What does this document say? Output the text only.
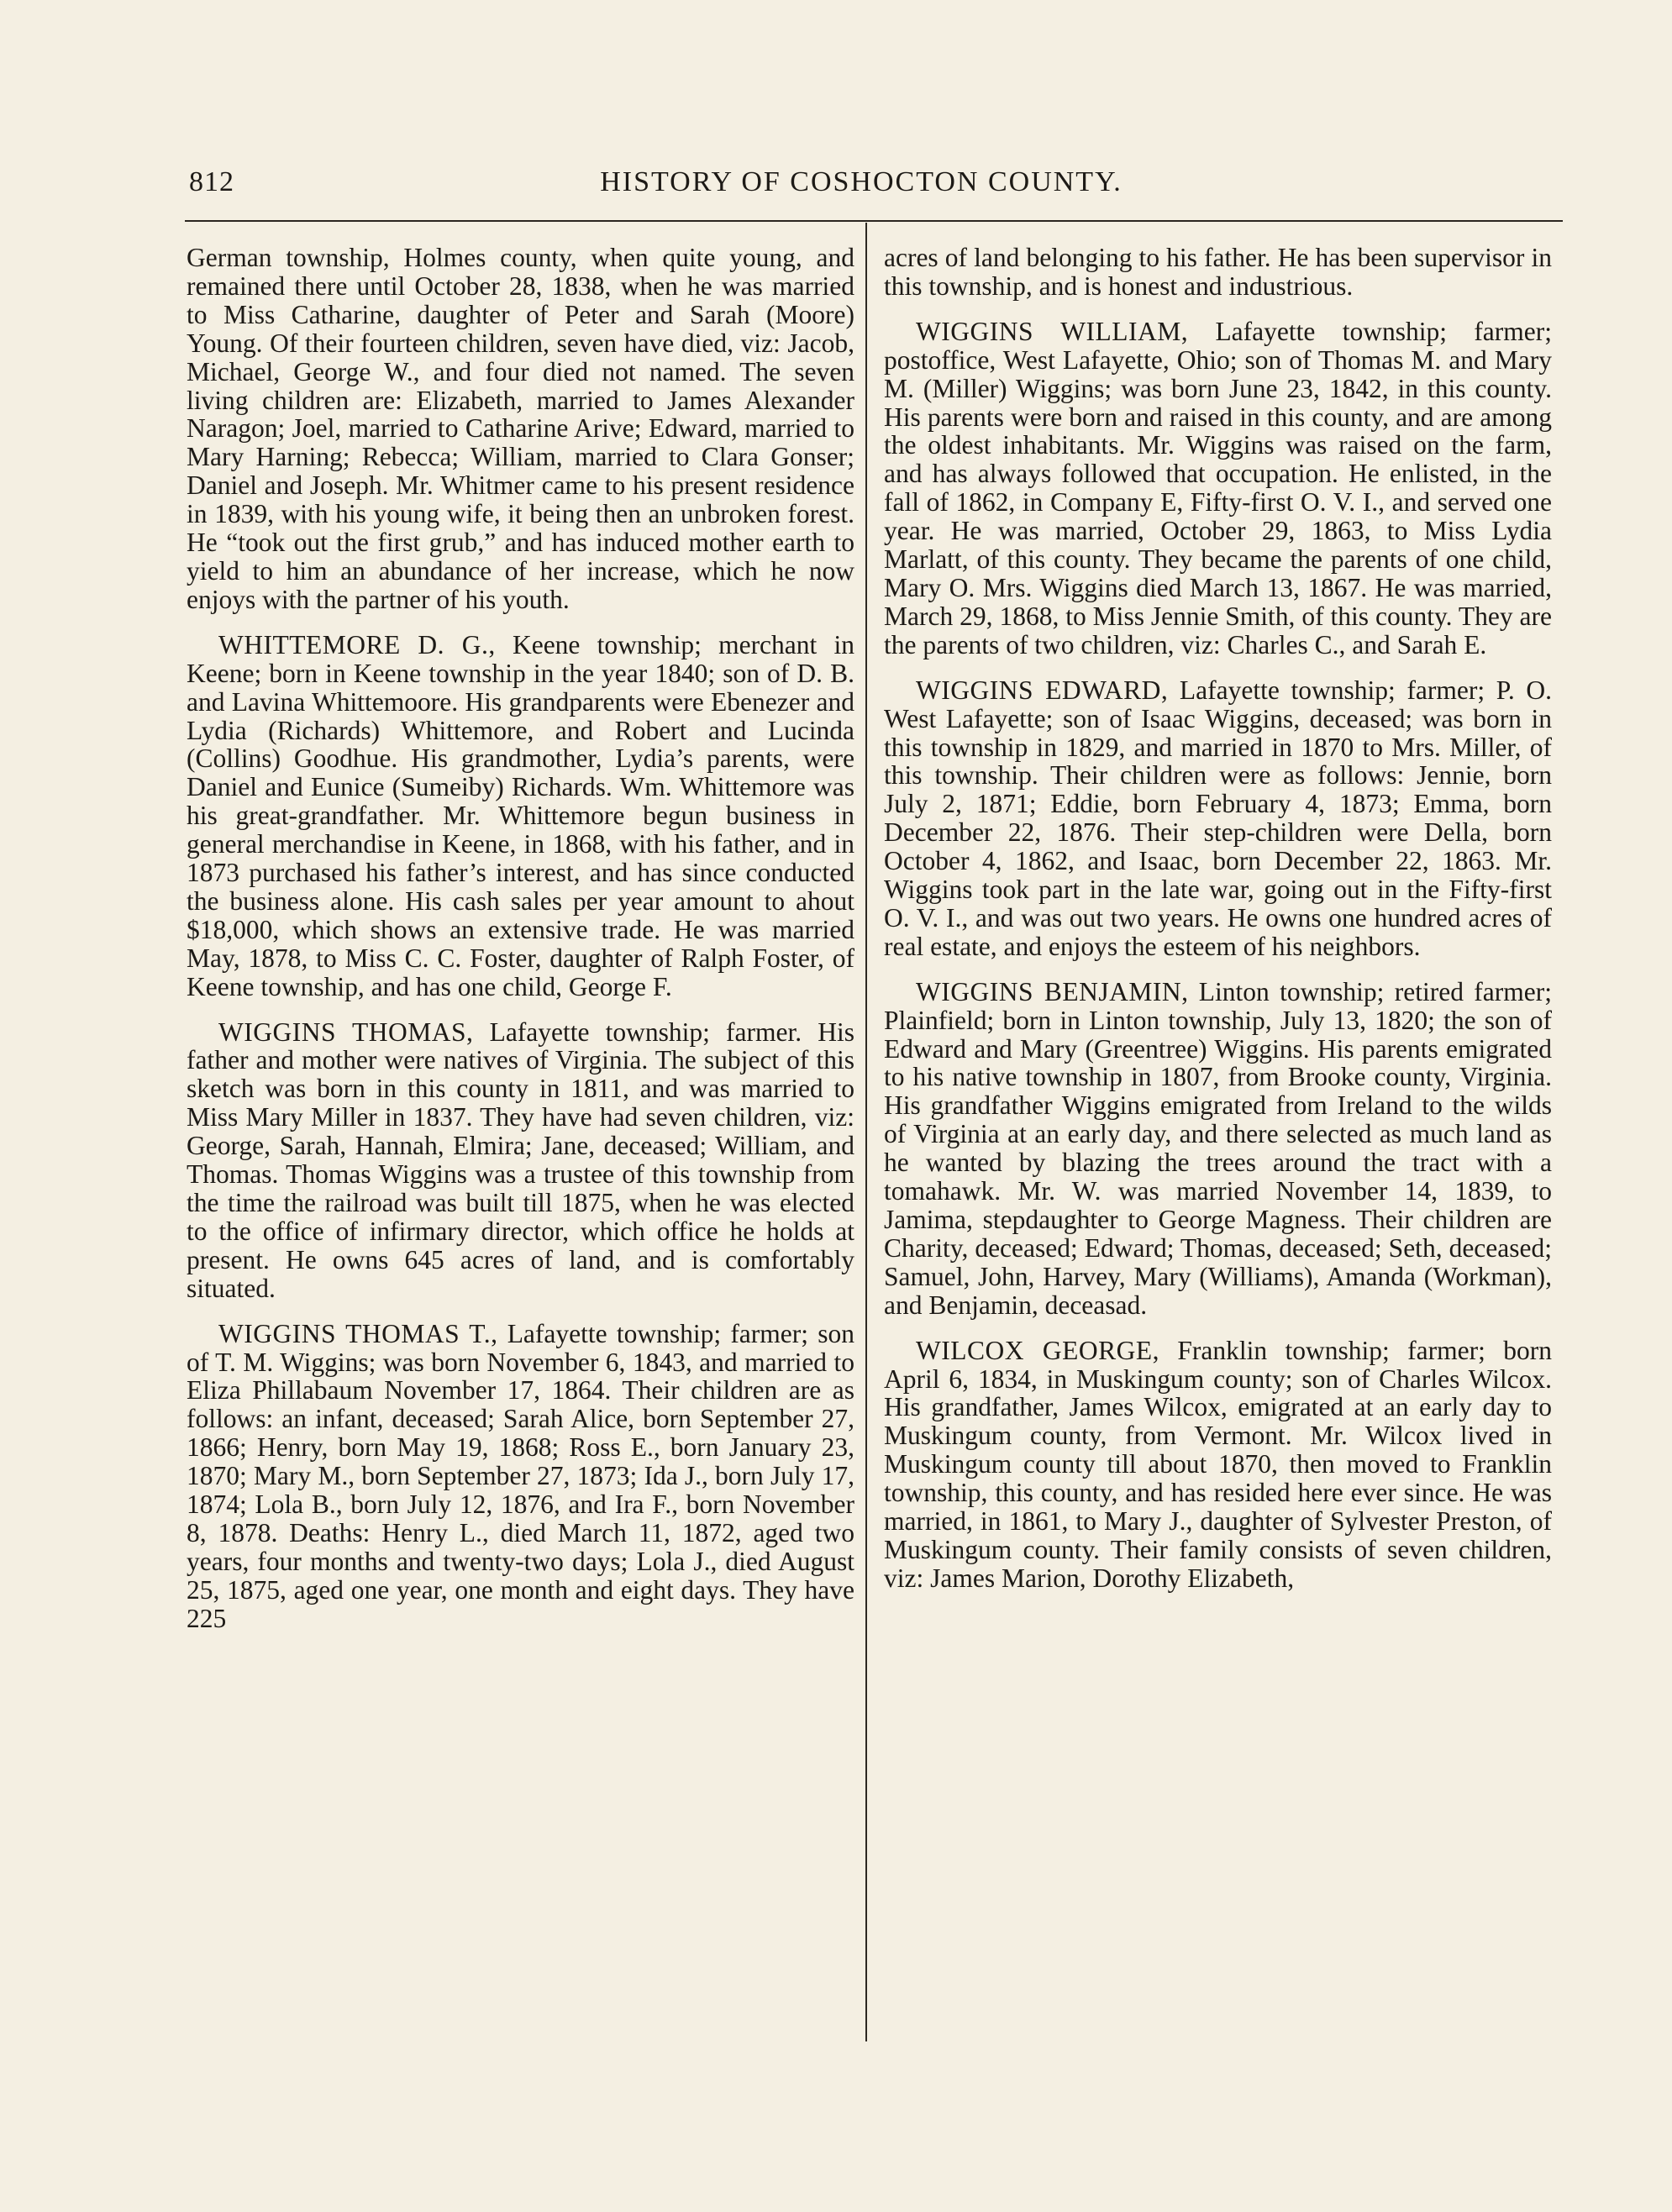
812	HISTORY OF COSHOCTON COUNTY.

German township, Holmes county, when quite young, and remained there until October 28, 1838, when he was married to Miss Catharine, daughter of Peter and Sarah (Moore) Young. Of their fourteen children, seven have died, viz: Jacob, Michael, George W., and four died not named. The seven living children are: Elizabeth, married to James Alexander Naragon; Joel, married to Catharine Arive; Edward, married to Mary Harning; Rebecca; William, married to Clara Gonser; Daniel and Joseph. Mr. Whitmer came to his present residence in 1839, with his young wife, it being then an unbroken forest. He “took out the first grub,” and has induced mother earth to yield to him an abundance of her increase, which he now enjoys with the partner of his youth.

WHITTEMORE D. G., Keene township; merchant in Keene; born in Keene township in the year 1840; son of D. B. and Lavina Whittemoore. His grandparents were Ebenezer and Lydia (Richards) Whittemore, and Robert and Lucinda (Collins) Goodhue. His grandmother, Lydia’s parents, were Daniel and Eunice (Sumeiby) Richards. Wm. Whittemore was his great-grandfather. Mr. Whittemore begun business in general merchandise in Keene, in 1868, with his father, and in 1873 purchased his father’s interest, and has since conducted the business alone. His cash sales per year amount to ahout $18,000, which shows an extensive trade. He was married May, 1878, to Miss C. C. Foster, daughter of Ralph Foster, of Keene township, and has one child, George F.

WIGGINS THOMAS, Lafayette township; farmer. His father and mother were natives of Virginia. The subject of this sketch was born in this county in 1811, and was married to Miss Mary Miller in 1837. They have had seven children, viz: George, Sarah, Hannah, Elmira; Jane, deceased; William, and Thomas. Thomas Wiggins was a trustee of this township from the time the railroad was built till 1875, when he was elected to the office of infirmary director, which office he holds at present. He owns 645 acres of land, and is comfortably situated.

WIGGINS THOMAS T., Lafayette township; farmer; son of T. M. Wiggins; was born November 6, 1843, and married to Eliza Phillabaum November 17, 1864. Their children are as follows: an infant, deceased; Sarah Alice, born September 27, 1866; Henry, born May 19, 1868; Ross E., born January 23, 1870; Mary M., born September 27, 1873; Ida J., born July 17, 1874; Lola B., born July 12, 1876, and Ira F., born November 8, 1878. Deaths: Henry L., died March 11, 1872, aged two years, four months and twenty-two days; Lola J., died August 25, 1875, aged one year, one month and eight days. They have 225

acres of land belonging to his father. He has been supervisor in this township, and is honest and industrious.

WIGGINS WILLIAM, Lafayette township; farmer; postoffice, West Lafayette, Ohio; son of Thomas M. and Mary M. (Miller) Wiggins; was born June 23, 1842, in this county. His parents were born and raised in this county, and are among the oldest inhabitants. Mr. Wiggins was raised on the farm, and has always followed that occupation. He enlisted, in the fall of 1862, in Company E, Fifty-first O. V. I., and served one year. He was married, October 29, 1863, to Miss Lydia Marlatt, of this county. They became the parents of one child, Mary O. Mrs. Wiggins died March 13, 1867. He was married, March 29, 1868, to Miss Jennie Smith, of this county. They are the parents of two children, viz: Charles C., and Sarah E.

WIGGINS EDWARD, Lafayette township; farmer; P. O. West Lafayette; son of Isaac Wiggins, deceased; was born in this township in 1829, and married in 1870 to Mrs. Miller, of this township. Their children were as follows: Jennie, born July 2, 1871; Eddie, born February 4, 1873; Emma, born December 22, 1876. Their step-children were Della, born October 4, 1862, and Isaac, born December 22, 1863. Mr. Wiggins took part in the late war, going out in the Fifty-first O. V. I., and was out two years. He owns one hundred acres of real estate, and enjoys the esteem of his neighbors.

WIGGINS BENJAMIN, Linton township; retired farmer; Plainfield; born in Linton township, July 13, 1820; the son of Edward and Mary (Greentree) Wiggins. His parents emigrated to his native township in 1807, from Brooke county, Virginia. His grandfather Wiggins emigrated from Ireland to the wilds of Virginia at an early day, and there selected as much land as he wanted by blazing the trees around the tract with a tomahawk. Mr. W. was married November 14, 1839, to Jamima, stepdaughter to George Magness. Their children are Charity, deceased; Edward; Thomas, deceased; Seth, deceased; Samuel, John, Harvey, Mary (Williams), Amanda (Workman), and Benjamin, deceasad.

WILCOX GEORGE, Franklin township; farmer; born April 6, 1834, in Muskingum county; son of Charles Wilcox. His grandfather, James Wilcox, emigrated at an early day to Muskingum county, from Vermont. Mr. Wilcox lived in Muskingum county till about 1870, then moved to Franklin township, this county, and has resided here ever since. He was married, in 1861, to Mary J., daughter of Sylvester Preston, of Muskingum county. Their family consists of seven children, viz: James Marion, Dorothy Elizabeth,
